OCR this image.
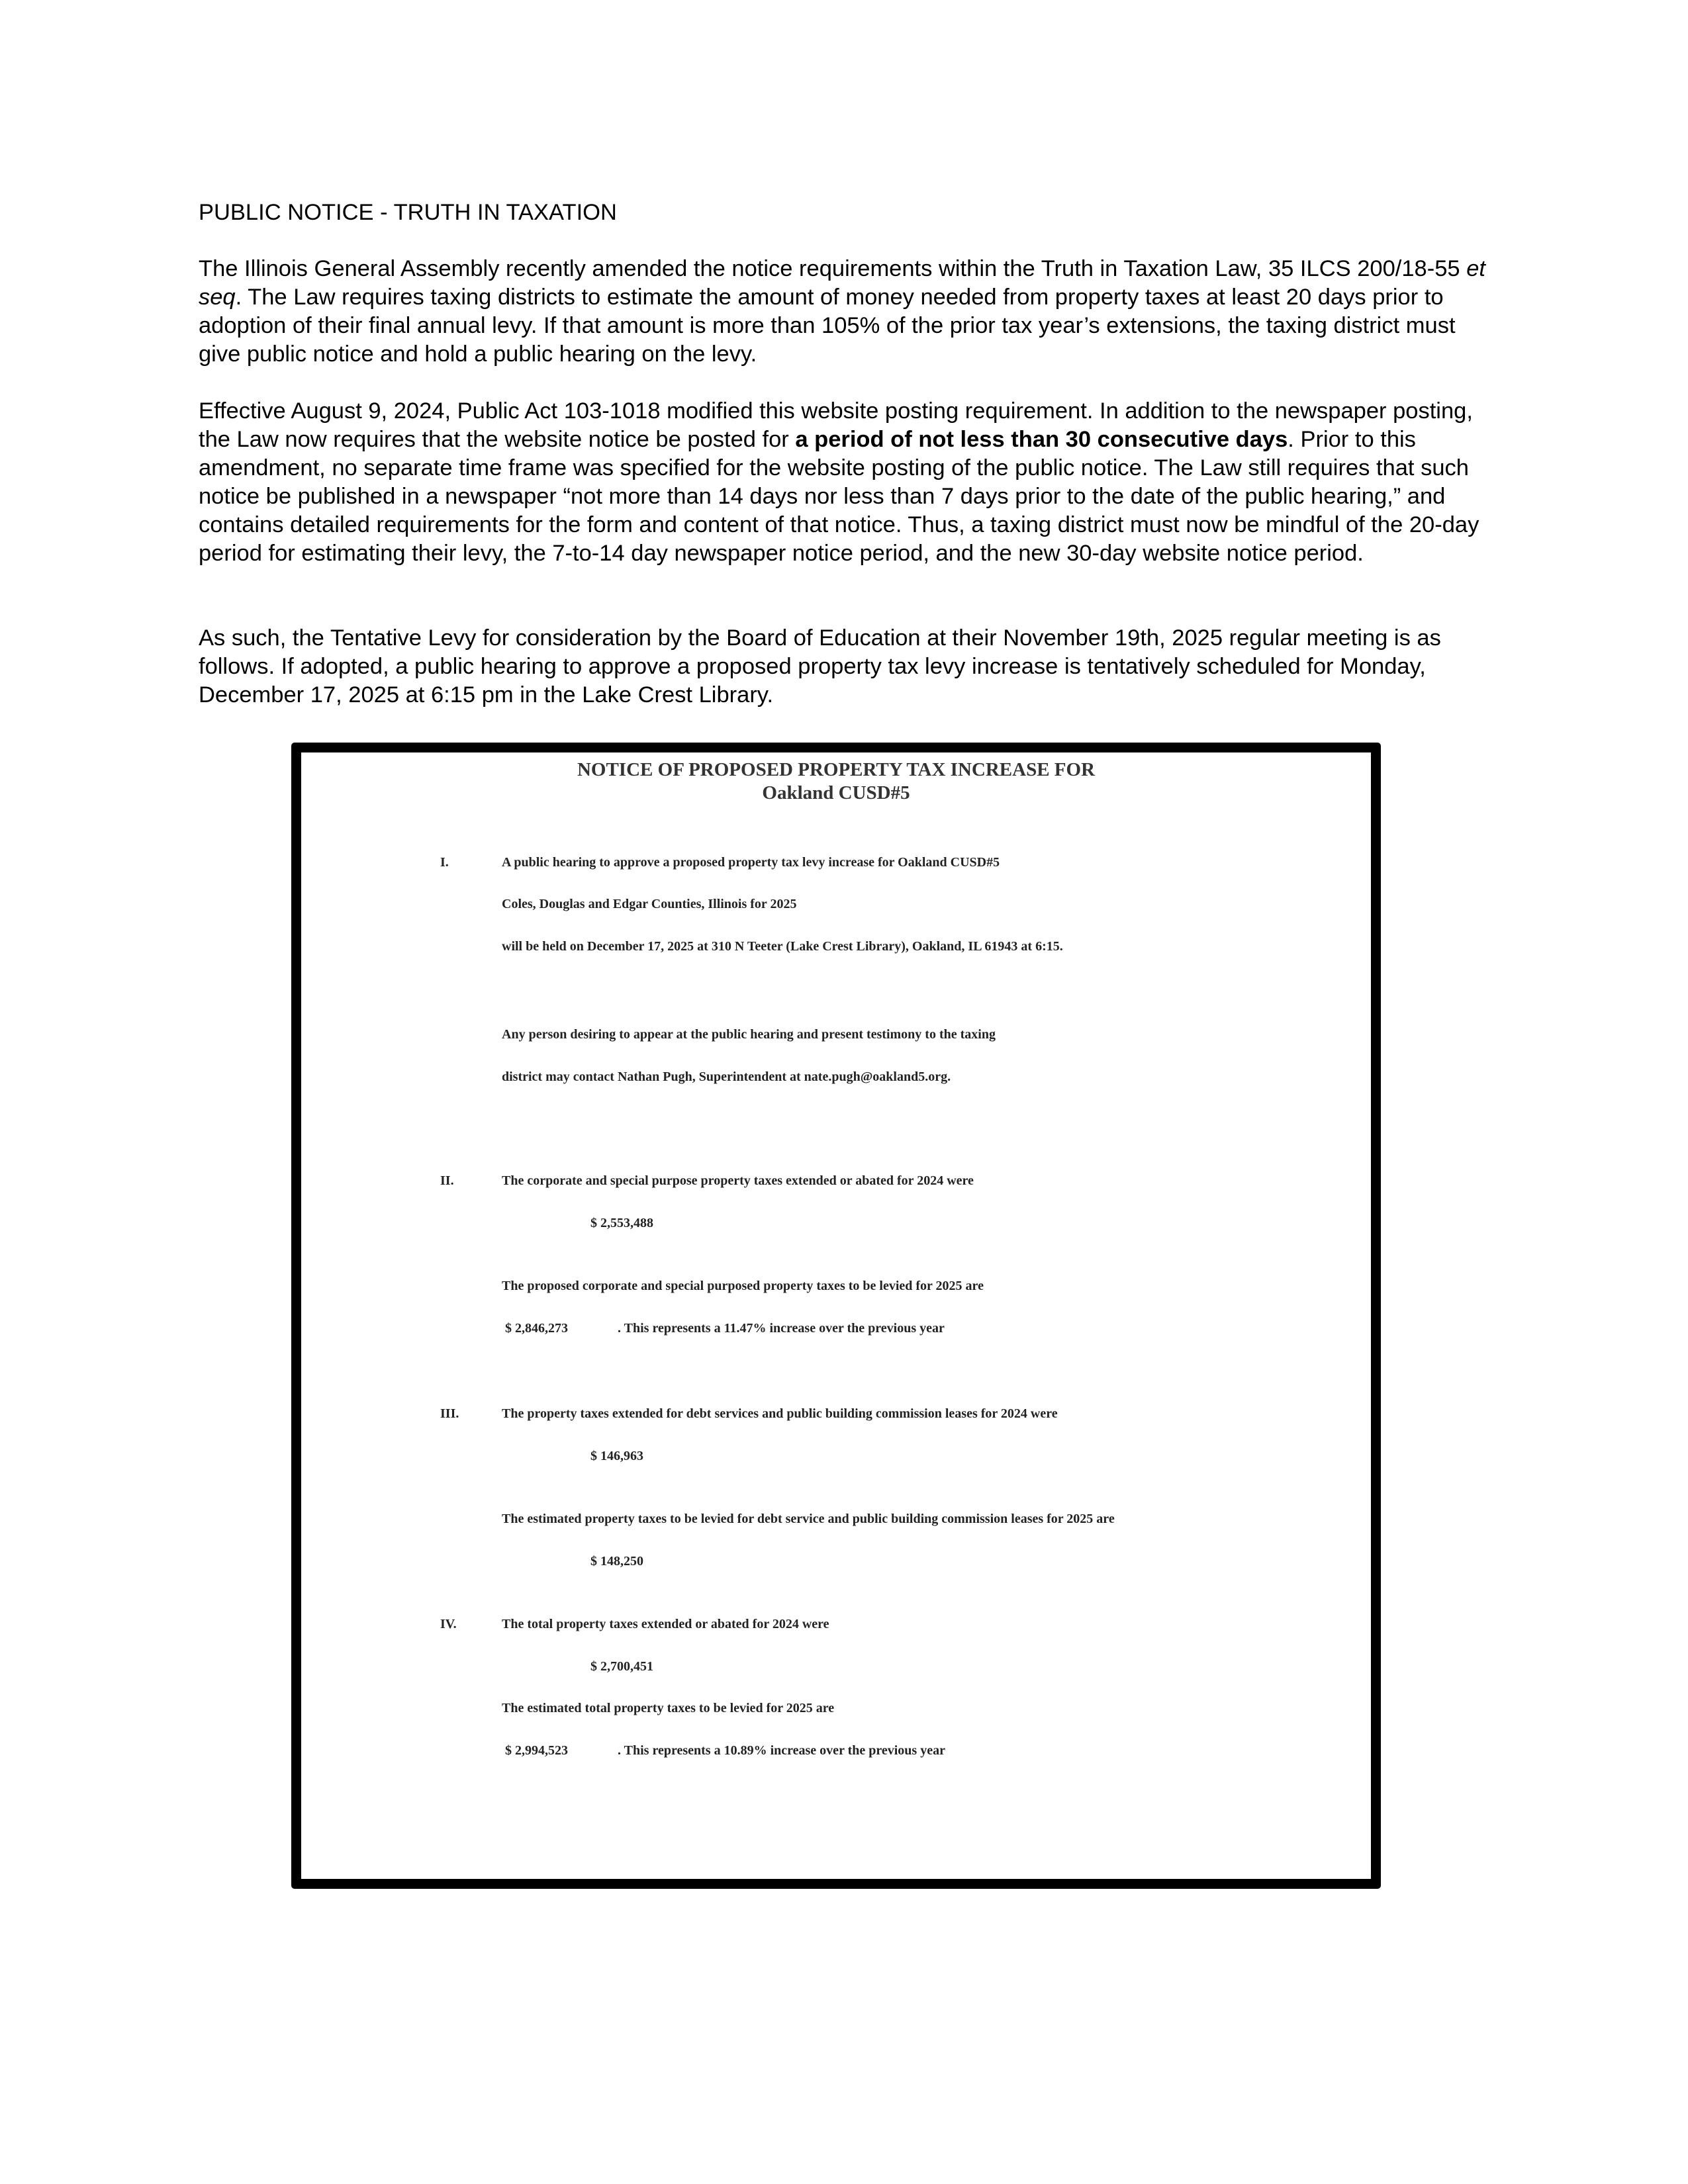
PUBLIC NOTICE - TRUTH IN TAXATION

The Illinois General Assembly recently amended the notice requirements within the Truth in Taxation Law, 35 ILCS 200/18-55 et seq. The Law requires taxing districts to estimate the amount of money needed from property taxes at least 20 days prior to adoption of their final annual levy. If that amount is more than 105% of the prior tax year’s extensions, the taxing district must give public notice and hold a public hearing on the levy.

Effective August 9, 2024, Public Act 103-1018 modified this website posting requirement. In addition to the newspaper posting, the Law now requires that the website notice be posted for a period of not less than 30 consecutive days. Prior to this amendment, no separate time frame was specified for the website posting of the public notice. The Law still requires that such notice be published in a newspaper “not more than 14 days nor less than 7 days prior to the date of the public hearing,” and contains detailed requirements for the form and content of that notice. Thus, a taxing district must now be mindful of the 20-day period for estimating their levy, the 7-to-14 day newspaper notice period, and the new 30-day website notice period.

As such, the Tentative Levy for consideration by the Board of Education at their November 19th, 2025 regular meeting is as follows. If adopted, a public hearing to approve a proposed property tax levy increase is tentatively scheduled for Monday, December 17, 2025 at 6:15 pm in the Lake Crest Library.

NOTICE OF PROPOSED PROPERTY TAX INCREASE FOR
Oakland CUSD#5
I.	A public hearing to approve a proposed property tax levy increase for Oakland CUSD#5
Coles, Douglas and Edgar Counties, Illinois for 2025
will be held on December 17, 2025 at 310 N Teeter (Lake Crest Library), Oakland, IL 61943 at 6:15.
Any person desiring to appear at the public hearing and present testimony to the taxing
district may contact Nathan Pugh, Superintendent at nate.pugh@oakland5.org.
II.	The corporate and special purpose property taxes extended or abated for 2024 were
$ 2,553,488
The proposed corporate and special purposed property taxes to be levied for 2025 are
$ 2,846,273	. This represents a 11.47% increase over the previous year
III.	The property taxes extended for debt services and public building commission leases for 2024 were
$ 146,963
The estimated property taxes to be levied for debt service and public building commission leases for 2025 are
$ 148,250
IV.	The total property taxes extended or abated for 2024 were
$ 2,700,451
The estimated total property taxes to be levied for 2025 are
$ 2,994,523	. This represents a 10.89% increase over the previous year
